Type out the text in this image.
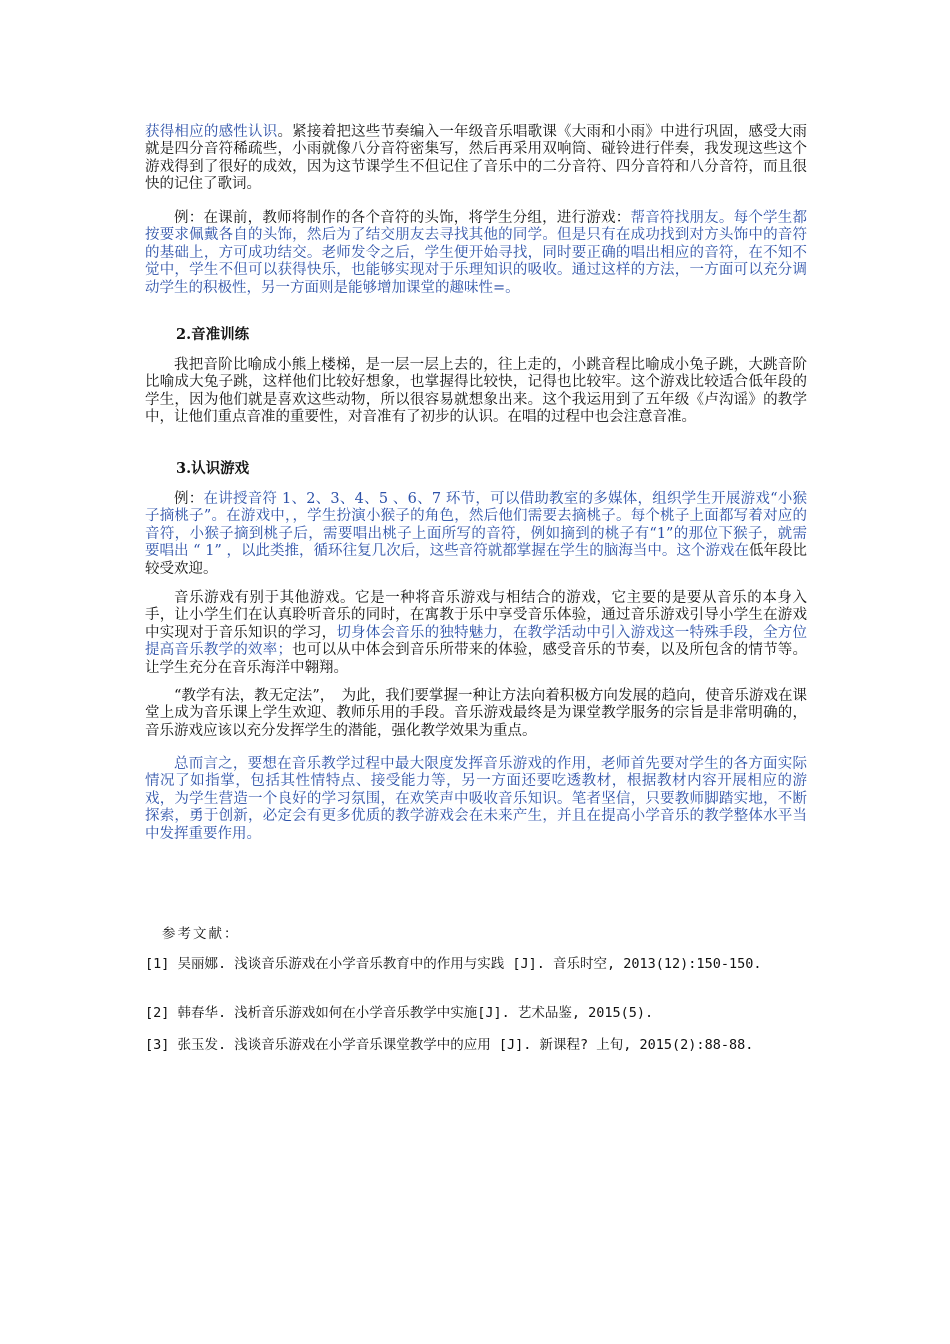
获得相应的感性认识。紧接着把这些节奏编入一年级音乐唱歌课《大雨和小雨》中进行巩固，感受大雨就是四分音符稀疏些，小雨就像八分音符密集写，然后再采用双响筒、碰铃进行伴奏，我发现这些这个游戏得到了很好的成效，因为这节课学生不但记住了音乐中的二分音符、四分音符和八分音符，而且很快的记住了歌词。

例：在课前，教师将制作的各个音符的头饰，将学生分组，进行游戏：帮音符找朋友。每个学生都按要求佩戴各自的头饰，然后为了结交朋友去寻找其他的同学。但是只有在成功找到对方头饰中的音符的基础上，方可成功结交。老师发令之后，学生便开始寻找，同时要正确的唱出相应的音符，在不知不觉中，学生不但可以获得快乐，也能够实现对于乐理知识的吸收。通过这样的方法，一方面可以充分调动学生的积极性，另一方面则是能够增加课堂的趣味性=。

2.音准训练

我把音阶比喻成小熊上楼梯，是一层一层上去的，往上走的，小跳音程比喻成小兔子跳，大跳音阶比喻成大兔子跳，这样他们比较好想象，也掌握得比较快，记得也比较牢。这个游戏比较适合低年段的学生，因为他们就是喜欢这些动物，所以很容易就想象出来。这个我运用到了五年级《卢沟谣》的教学中，让他们重点音准的重要性，对音准有了初步的认识。在唱的过程中也会注意音准。

3.认识游戏

例：在讲授音符 1、2、3、4、5 、6、7 环节，可以借助教室的多媒体，组织学生开展游戏“小猴子摘桃子”。在游戏中，，学生扮演小猴子的角色，然后他们需要去摘桃子。每个桃子上面都写着对应的音符，小猴子摘到桃子后，需要唱出桃子上面所写的音符，例如摘到的桃子有“1”的那位下猴子，就需要唱出 “ 1” ，以此类推，循环往复几次后，这些音符就都掌握在学生的脑海当中。这个游戏在低年段比较受欢迎。

音乐游戏有别于其他游戏。它是一种将音乐游戏与相结合的游戏，它主要的是要从音乐的本身入手，让小学生们在认真聆听音乐的同时，在寓教于乐中享受音乐体验，通过音乐游戏引导小学生在游戏中实现对于音乐知识的学习，切身体会音乐的独特魅力，在教学活动中引入游戏这一特殊手段，全方位提高音乐教学的效率；也可以从中体会到音乐所带来的体验，感受音乐的节奏，以及所包含的情节等。让学生充分在音乐海洋中翱翔。

“教学有法，教无定法”，　为此，我们要掌握一种让方法向着积极方向发展的趋向，使音乐游戏在课堂上成为音乐课上学生欢迎、教师乐用的手段。音乐游戏最终是为课堂教学服务的宗旨是非常明确的，音乐游戏应该以充分发挥学生的潜能，强化教学效果为重点。

总而言之，要想在音乐教学过程中最大限度发挥音乐游戏的作用，老师首先要对学生的各方面实际情况了如指掌，包括其性情特点、接受能力等，另一方面还要吃透教材，根据教材内容开展相应的游戏，为学生营造一个良好的学习氛围，在欢笑声中吸收音乐知识。笔者坚信，只要教师脚踏实地，不断探索，勇于创新，必定会有更多优质的教学游戏会在未来产生，并且在提高小学音乐的教学整体水平当中发挥重要作用。

参考文献：

[1] 吴丽娜. 浅谈音乐游戏在小学音乐教育中的作用与实践 [J]. 音乐时空, 2013(12):150-150.

[2] 韩春华. 浅析音乐游戏如何在小学音乐教学中实施[J]. 艺术品鉴, 2015(5).

[3] 张玉发. 浅谈音乐游戏在小学音乐课堂教学中的应用 [J]. 新课程? 上旬, 2015(2):88-88.
